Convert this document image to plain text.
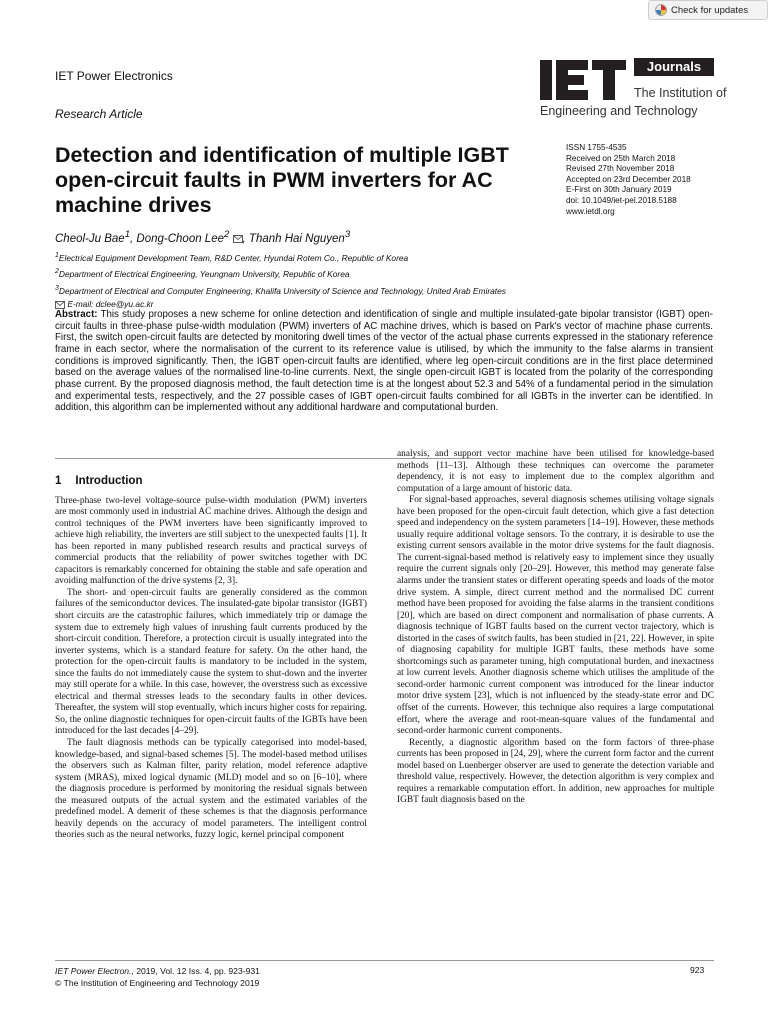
Check for updates
IET Power Electronics
Research Article
Journals
The Institution of
Engineering and Technology
Detection and identification of multiple IGBT open-circuit faults in PWM inverters for AC machine drives
ISSN 1755-4535
Received on 25th March 2018
Revised 27th November 2018
Accepted on 23rd December 2018
E-First on 30th January 2019
doi: 10.1049/iet-pel.2018.5188
www.ietdl.org
Cheol-Ju Bae$^1$, Dong-Choon Lee$^2$ , Thanh Hai Nguyen$^3$
$^1$Electrical Equipment Development Team, R&D Center, Hyundai Rotem Co., Republic of Korea
$^2$Department of Electrical Engineering, Yeungnam University, Republic of Korea
$^3$Department of Electrical and Computer Engineering, Khalifa University of Science and Technology, United Arab Emirates
E-mail: dclee@yu.ac.kr
Abstract: This study proposes a new scheme for online detection and identification of single and multiple insulated-gate bipolar transistor (IGBT) open-circuit faults in three-phase pulse-width modulation (PWM) inverters of AC machine drives, which is based on Park's vector of machine phase currents. First, the switch open-circuit faults are detected by monitoring dwell times of the vector of the actual phase currents expressed in the stationary reference frame in each sector, where the normalisation of the current to its reference value is utilised, by which the immunity to the false alarms in transient conditions is improved significantly. Then, the IGBT open-circuit faults are identified, where leg open-circuit conditions are in the first place determined based on the average values of the normalised line-to-line currents. Next, the single open-circuit IGBT is located from the polarity of the corresponding phase current. By the proposed diagnosis method, the fault detection time is at the longest about 52.3 and 54% of a fundamental period in the simulation and experimental tests, respectively, and the 27 possible cases of IGBT open-circuit faults combined for all IGBTs in the inverter can be identified. In addition, this algorithm can be implemented without any additional hardware and computational burden.
1 Introduction

Three-phase two-level voltage-source pulse-width modulation (PWM) inverters are most commonly used in industrial AC machine drives. Although the design and control techniques of the PWM inverters have been significantly improved to achieve high reliability, the inverters are still subject to the unexpected faults [1]. It has been reported in many published research results and practical surveys of commercial products that the reliability of power switches together with DC capacitors is remarkably concerned for obtaining the stable and safe operation and avoiding malfunction of the drive systems [2, 3].

The short- and open-circuit faults are generally considered as the common failures of the semiconductor devices. The insulated-gate bipolar transistor (IGBT) short circuits are the catastrophic failures, which immediately trip or damage the system due to extremely high values of inrushing fault currents produced by the short-circuit condition. Therefore, a protection circuit is usually integrated into the inverter systems, which is a standard feature for safety. On the other hand, the protection for the open-circuit faults is mandatory to be included in the system, since the faults do not immediately cause the system to shut-down and the inverter may still operate for a while. In this case, however, the overstress such as excessive electrical and thermal stresses leads to the secondary faults in other devices. Thereafter, the system will stop eventually, which incurs higher costs for repairing. So, the online diagnostic techniques for open-circuit faults of the IGBTs have been introduced for the last decades [4–29].

The fault diagnosis methods can be typically categorised into model-based, knowledge-based, and signal-based schemes [5]. The model-based method utilises the observers such as Kalman filter, parity relation, model reference adaptive system (MRAS), mixed logical dynamic (MLD) model and so on [6–10], where the diagnosis procedure is performed by monitoring the residual signals between the measured outputs of the actual system and the estimated variables of the predefined model. A demerit of these schemes is that the diagnosis performance heavily depends on the accuracy of model parameters. The intelligent control theories such as the neural networks, fuzzy logic, kernel principal component

analysis, and support vector machine have been utilised for knowledge-based methods [11–13]. Although these techniques can overcome the parameter dependency, it is not easy to implement due to the complex algorithm and computation of a large amount of historic data.

For signal-based approaches, several diagnosis schemes utilising voltage signals have been proposed for the open-circuit fault detection, which give a fast detection speed and independency on the system parameters [14–19]. However, these methods usually require additional voltage sensors. To the contrary, it is desirable to use the existing current sensors available in the motor drive systems for the fault diagnosis. The current-signal-based method is relatively easy to implement since they usually require the current signals only [20–29]. However, this method may generate false alarms under the transient states or different operating speeds and loads of the motor drive system. A simple, direct current method and the normalised DC current method have been proposed for avoiding the false alarms in the transient conditions [20], which are based on direct component and normalisation of phase currents. A diagnosis technique of IGBT faults based on the current vector trajectory, which is distorted in the cases of switch faults, has been studied in [21, 22]. However, in spite of diagnosing capability for multiple IGBT faults, these methods have some shortcomings such as parameter tuning, high computational burden, and inexactness at low current levels. Another diagnosis scheme which utilises the amplitude of the second-order harmonic current component was introduced for the linear inductor motor drive system [23], which is not influenced by the steady-state error and DC offset of the currents. However, this technique also requires a large computational effort, where the average and root-mean-square values of the fundamental and second-order harmonic current components.

Recently, a diagnostic algorithm based on the form factors of three-phase currents has been proposed in [24, 29], where the current form factor and the current model based on Luenberger observer are used to generate the detection variable and threshold value, respectively. However, the detection algorithm is very complex and requires a remarkable computation effort. In addition, new approaches for multiple IGBT fault diagnosis based on the

IET Power Electron., 2019, Vol. 12 Iss. 4, pp. 923-931
© The Institution of Engineering and Technology 2019
923
